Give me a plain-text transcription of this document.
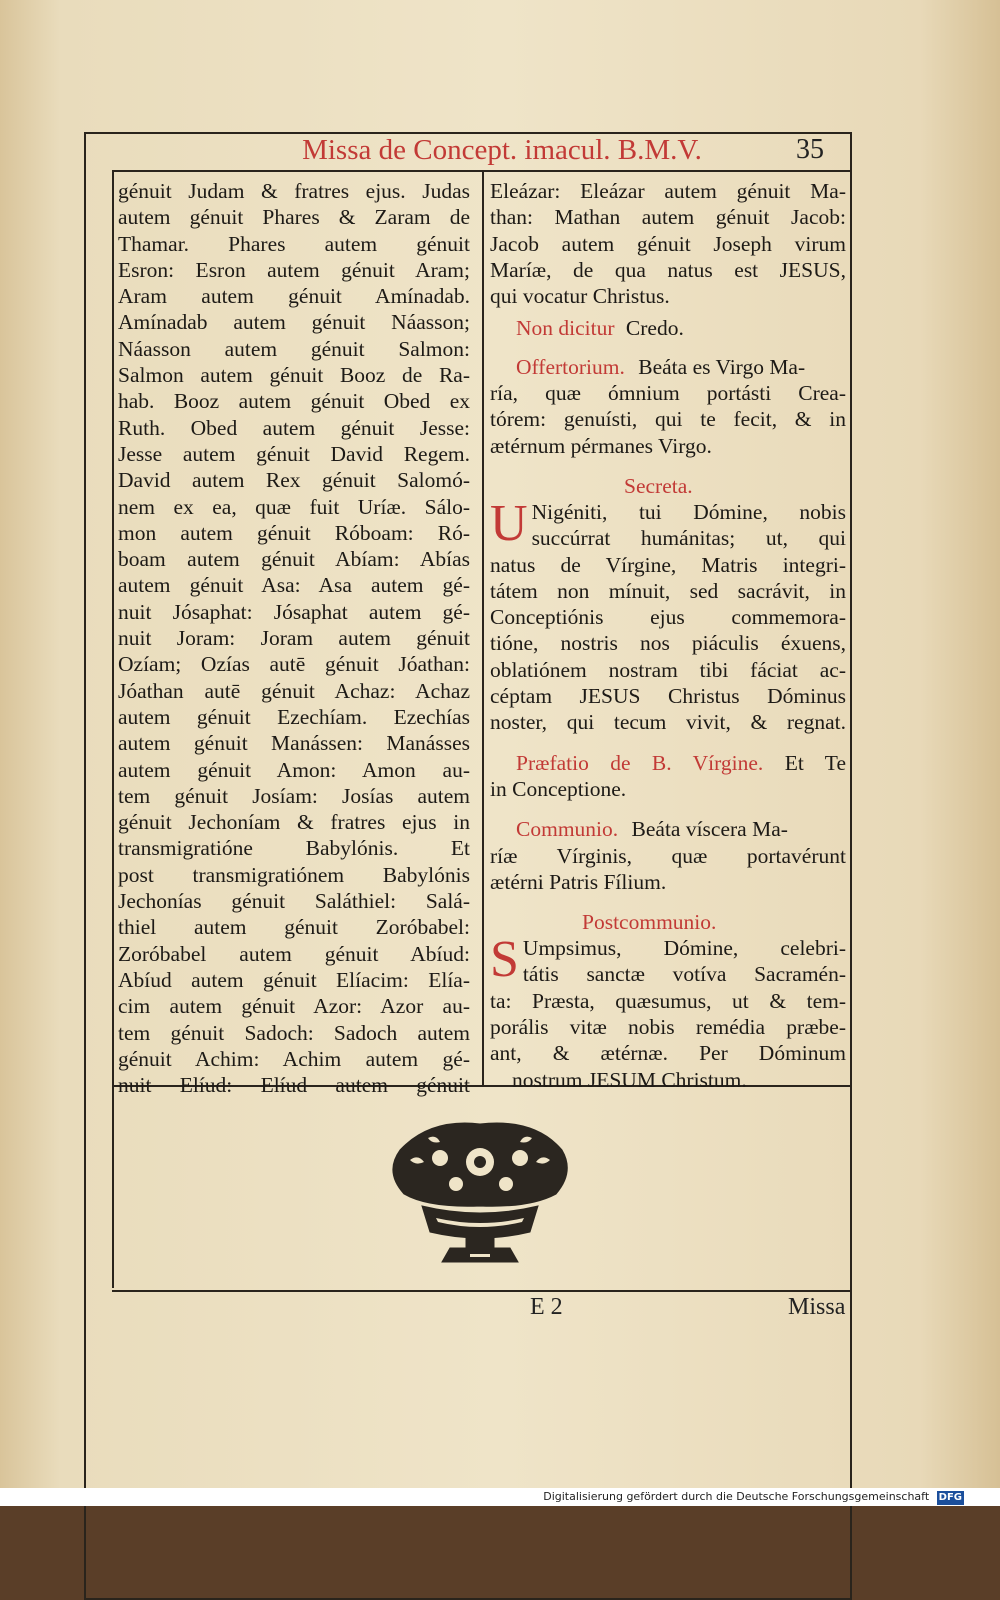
Missa de Concept. imacul. B.M.V.	35
génuit Judam & fratres ejus. Judas
autem génuit Phares & Zaram de
Thamar. Phares autem génuit
Esron: Esron autem génuit Aram;
Aram autem génuit Amínadab.
Amínadab autem génuit Náasson;
Náasson autem génuit Salmon:
Salmon autem génuit Booz de Ra-
hab. Booz autem génuit Obed ex
Ruth. Obed autem génuit Jesse:
Jesse autem génuit David Regem.
David autem Rex génuit Salomó-
nem ex ea, quæ fuit Uríæ. Sálo-
mon autem génuit Róboam: Ró-
boam autem génuit Abíam: Abías
autem génuit Asa: Asa autem gé-
nuit Jósaphat: Jósaphat autem gé-
nuit Joram: Joram autem génuit
Ozíam; Ozías autē génuit Jóathan:
Jóathan autē génuit Achaz: Achaz
autem génuit Ezechíam. Ezechías
autem génuit Manássen: Manásses
autem génuit Amon: Amon au-
tem génuit Josíam: Josías autem
génuit Jechoníam & fratres ejus in
transmigratióne Babylónis. Et
post transmigratiónem Babylónis
Jechonías génuit Saláthiel: Salá-
thiel autem génuit Zoróbabel:
Zoróbabel autem génuit Abíud:
Abíud autem génuit Elíacim: Elía-
cim autem génuit Azor: Azor au-
tem génuit Sadoch: Sadoch autem
génuit Achim: Achim autem gé-
nuit Elíud: Elíud autem génuit
Eleázar: Eleázar autem génuit Ma-
than: Mathan autem génuit Jacob:
Jacob autem génuit Joseph virum
Maríæ, de qua natus est JESUS,
qui vocatur Christus.
Non dicitur Credo.
Offertorium. Beáta es Virgo Ma-
ría, quæ ómnium portásti Crea-
tórem: genuísti, qui te fecit, & in
ætérnum pérmanes Virgo.
Secreta.
U Nigéniti, tui Dómine, nobis
succúrrat humánitas; ut, qui
natus de Vírgine, Matris integri-
tátem non mínuit, sed sacrávit, in
Conceptiónis ejus commemora-
tióne, nostris nos piáculis éxuens,
oblatiónem nostram tibi fáciat ac-
céptam JESUS Christus Dóminus
noster, qui tecum vivit, & regnat.
Præfatio de B. Vírgine. Et Te
in Conceptione.
Communio. Beáta víscera Ma-
ríæ Vírginis, quæ portavérunt
ætérni Patris Fílium.
Postcommunio.
S Umpsimus, Dómine, celebri-
tátis sanctæ votíva Sacramén-
ta: Præsta, quæsumus, ut & tem-
porális vitæ nobis remédia præbe-
ant, & ætérnæ. Per Dóminum
nostrum JESUM Christum.
E 2	Missa
Digitalisierung gefördert durch die Deutsche Forschungsgemeinschaft DFG
